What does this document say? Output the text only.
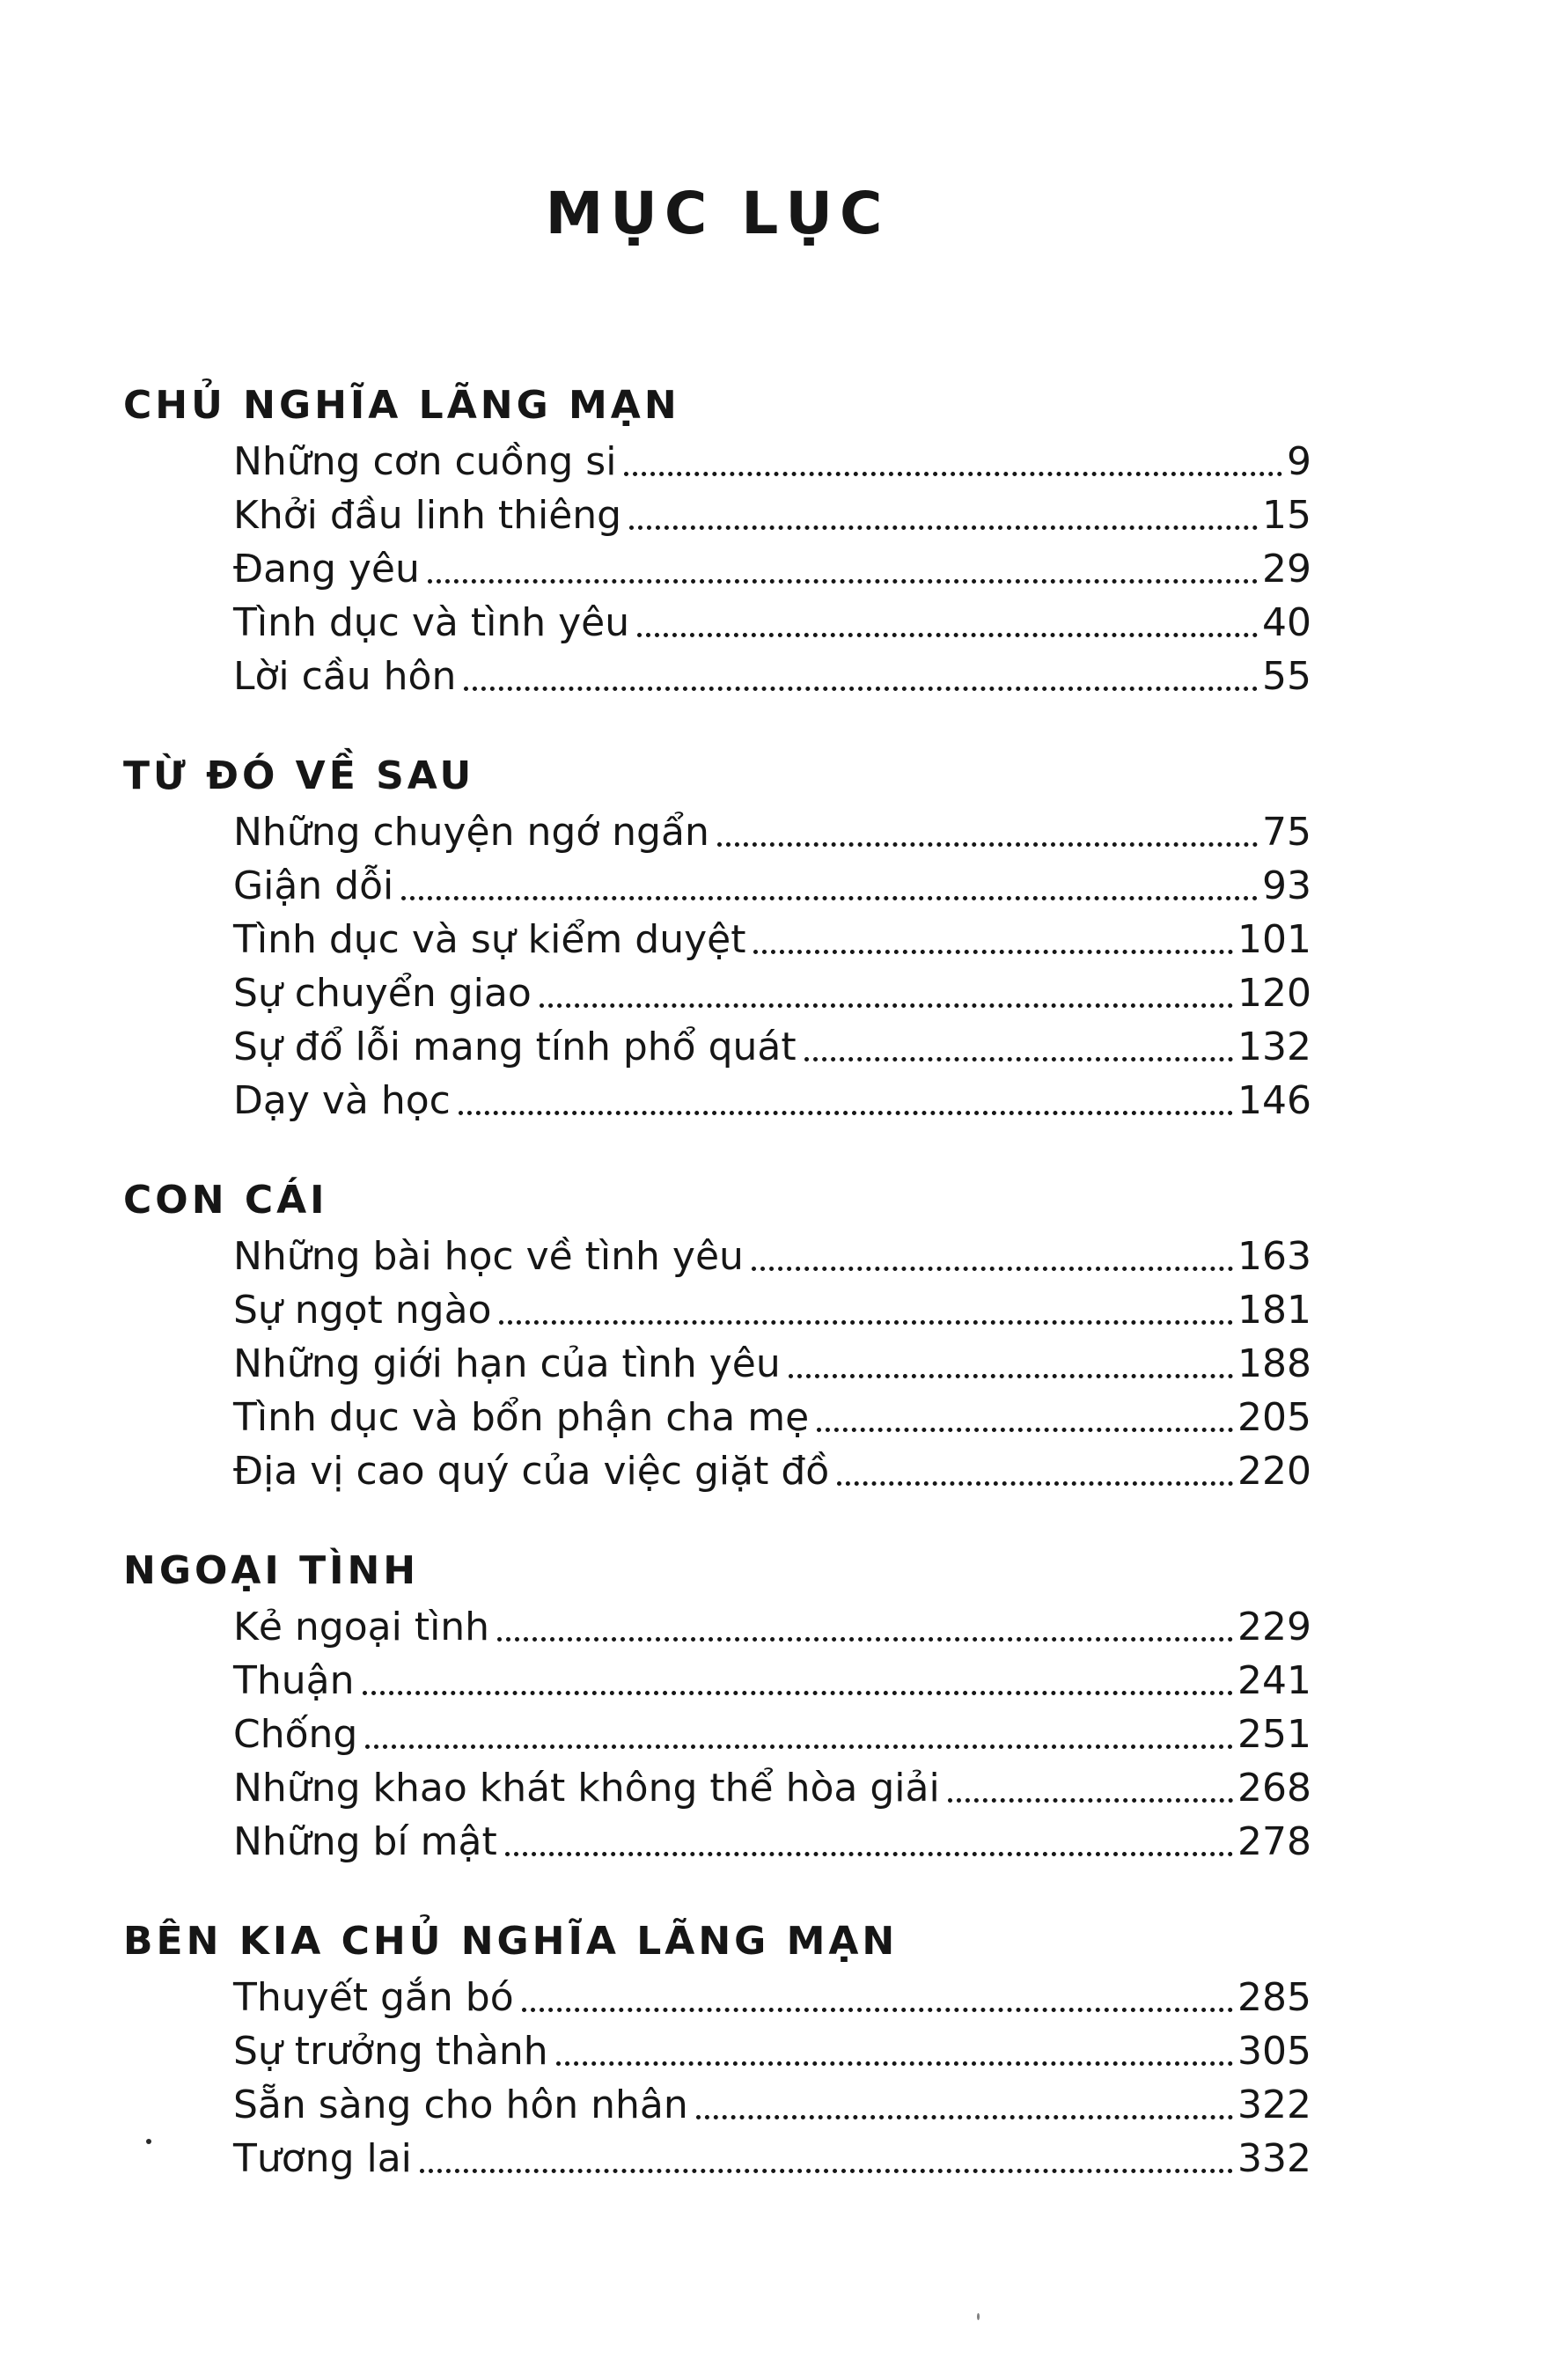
MỤC LỤC
CHỦ NGHĨA LÃNG MẠN
Những cơn cuồng si	9
Khởi đầu linh thiêng	15
Đang yêu	29
Tình dục và tình yêu	40
Lời cầu hôn	55
TỪ ĐÓ VỀ SAU
Những chuyện ngớ ngẩn	75
Giận dỗi	93
Tình dục và sự kiểm duyệt	101
Sự chuyển giao	120
Sự đổ lỗi mang tính phổ quát	132
Dạy và học	146
CON CÁI
Những bài học về tình yêu	163
Sự ngọt ngào	181
Những giới hạn của tình yêu	188
Tình dục và bổn phận cha mẹ	205
Địa vị cao quý của việc giặt đồ	220
NGOẠI TÌNH
Kẻ ngoại tình	229
Thuận	241
Chống	251
Những khao khát không thể hòa giải	268
Những bí mật	278
BÊN KIA CHỦ NGHĨA LÃNG MẠN
Thuyết gắn bó	285
Sự trưởng thành	305
Sẵn sàng cho hôn nhân	322
Tương lai	332
